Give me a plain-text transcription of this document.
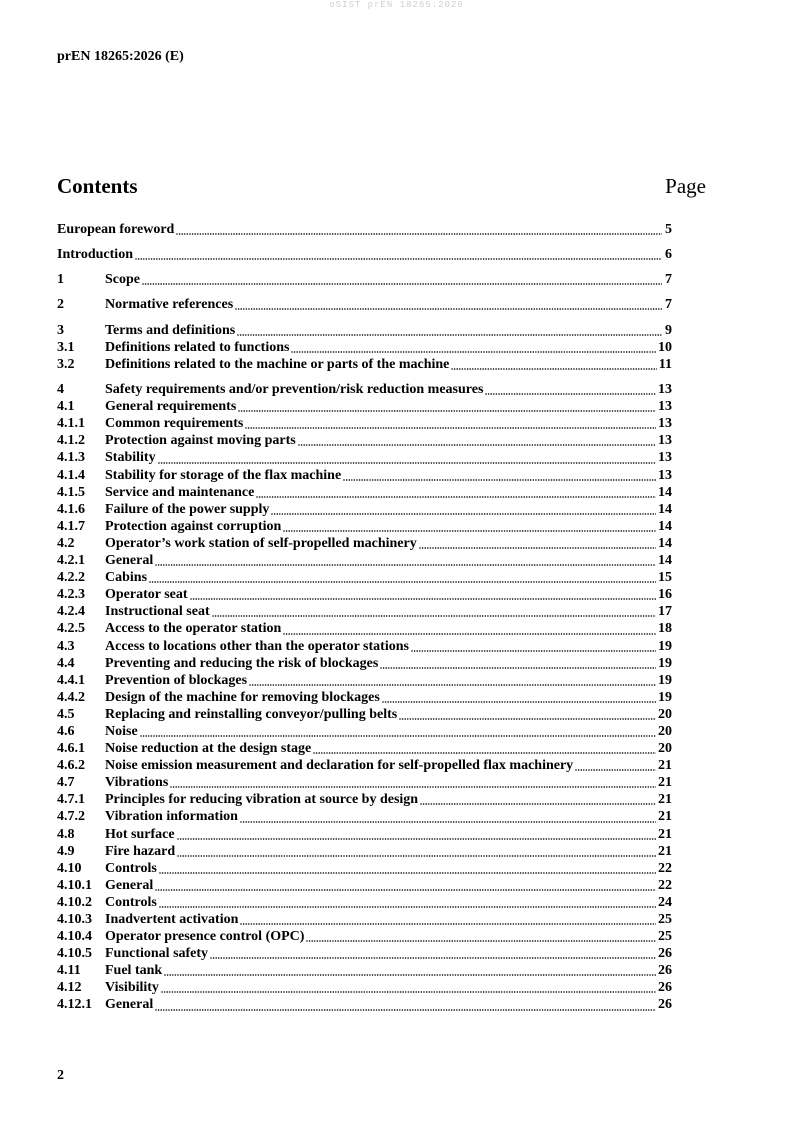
oSIST prEN 18265:2026
prEN 18265:2026 (E)
Contents	Page
European foreword	5
Introduction	6
1	Scope	7
2	Normative references	7
3	Terms and definitions	9
3.1	Definitions related to functions	10
3.2	Definitions related to the machine or parts of the machine	11
4	Safety requirements and/or prevention/risk reduction measures	13
4.1	General requirements	13
4.1.1	Common requirements	13
4.1.2	Protection against moving parts	13
4.1.3	Stability	13
4.1.4	Stability for storage of the flax machine	13
4.1.5	Service and maintenance	14
4.1.6	Failure of the power supply	14
4.1.7	Protection against corruption	14
4.2	Operator’s work station of self-propelled machinery	14
4.2.1	General	14
4.2.2	Cabins	15
4.2.3	Operator seat	16
4.2.4	Instructional seat	17
4.2.5	Access to the operator station	18
4.3	Access to locations other than the operator stations	19
4.4	Preventing and reducing the risk of blockages	19
4.4.1	Prevention of blockages	19
4.4.2	Design of the machine for removing blockages	19
4.5	Replacing and reinstalling conveyor/pulling belts	20
4.6	Noise	20
4.6.1	Noise reduction at the design stage	20
4.6.2	Noise emission measurement and declaration for self-propelled flax machinery	21
4.7	Vibrations	21
4.7.1	Principles for reducing vibration at source by design	21
4.7.2	Vibration information	21
4.8	Hot surface	21
4.9	Fire hazard	21
4.10	Controls	22
4.10.1 General	22
4.10.2 Controls	24
4.10.3 Inadvertent activation	25
4.10.4 Operator presence control (OPC)	25
4.10.5 Functional safety	26
4.11	Fuel tank	26
4.12	Visibility	26
4.12.1 General	26
2
